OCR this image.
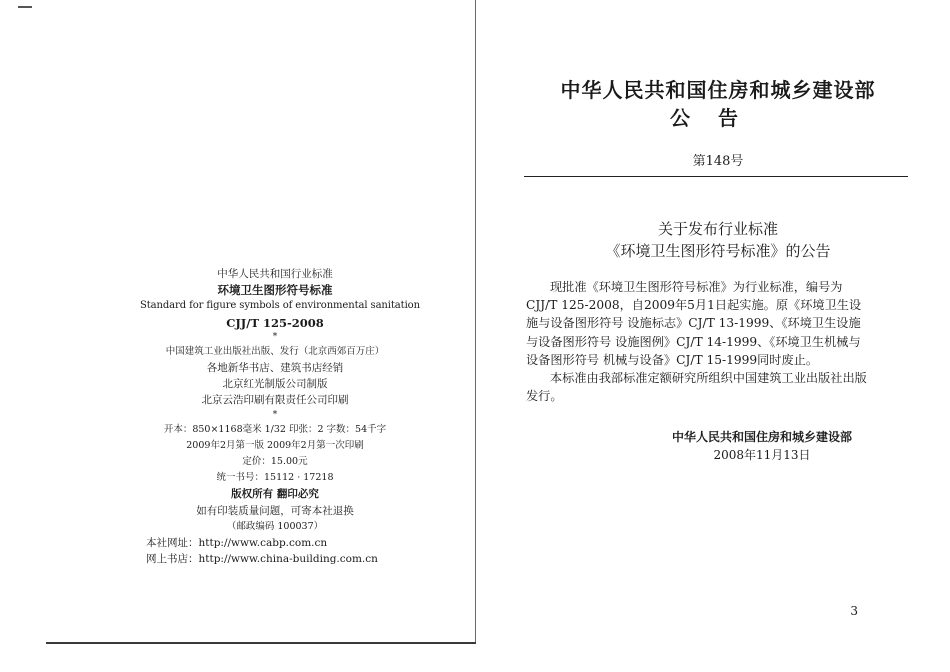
中华人民共和国行业标准
环境卫生图形符号标准
Standard for figure symbols of environmental sanitation
CJJ/T 125-2008
*
中国建筑工业出版社出版、发行（北京西郊百万庄）
各地新华书店、建筑书店经销
北京红光制版公司制版
北京云浩印刷有限责任公司印刷
*
开本：850×1168毫米 1/32 印张：2 字数：54千字
2009年2月第一版 2009年2月第一次印刷
定价：15.00元
统一书号：15112 · 17218
版权所有 翻印必究
如有印装质量问题，可寄本社退换
（邮政编码 100037）
本社网址：http://www.cabp.com.cn
网上书店：http://www.china-building.com.cn
中华人民共和国住房和城乡建设部
公告
第148号
关于发布行业标准
《环境卫生图形符号标准》的公告
现批准《环境卫生图形符号标准》为行业标准，编号为
CJJ/T 125-2008，自2009年5月1日起实施。原《环境卫生设
施与设备图形符号 设施标志》CJ/T 13-1999、《环境卫生设施
与设备图形符号 设施图例》CJ/T 14-1999、《环境卫生机械与
设备图形符号 机械与设备》CJ/T 15-1999同时废止。
本标准由我部标准定额研究所组织中国建筑工业出版社出版
发行。
中华人民共和国住房和城乡建设部
2008年11月13日
3
